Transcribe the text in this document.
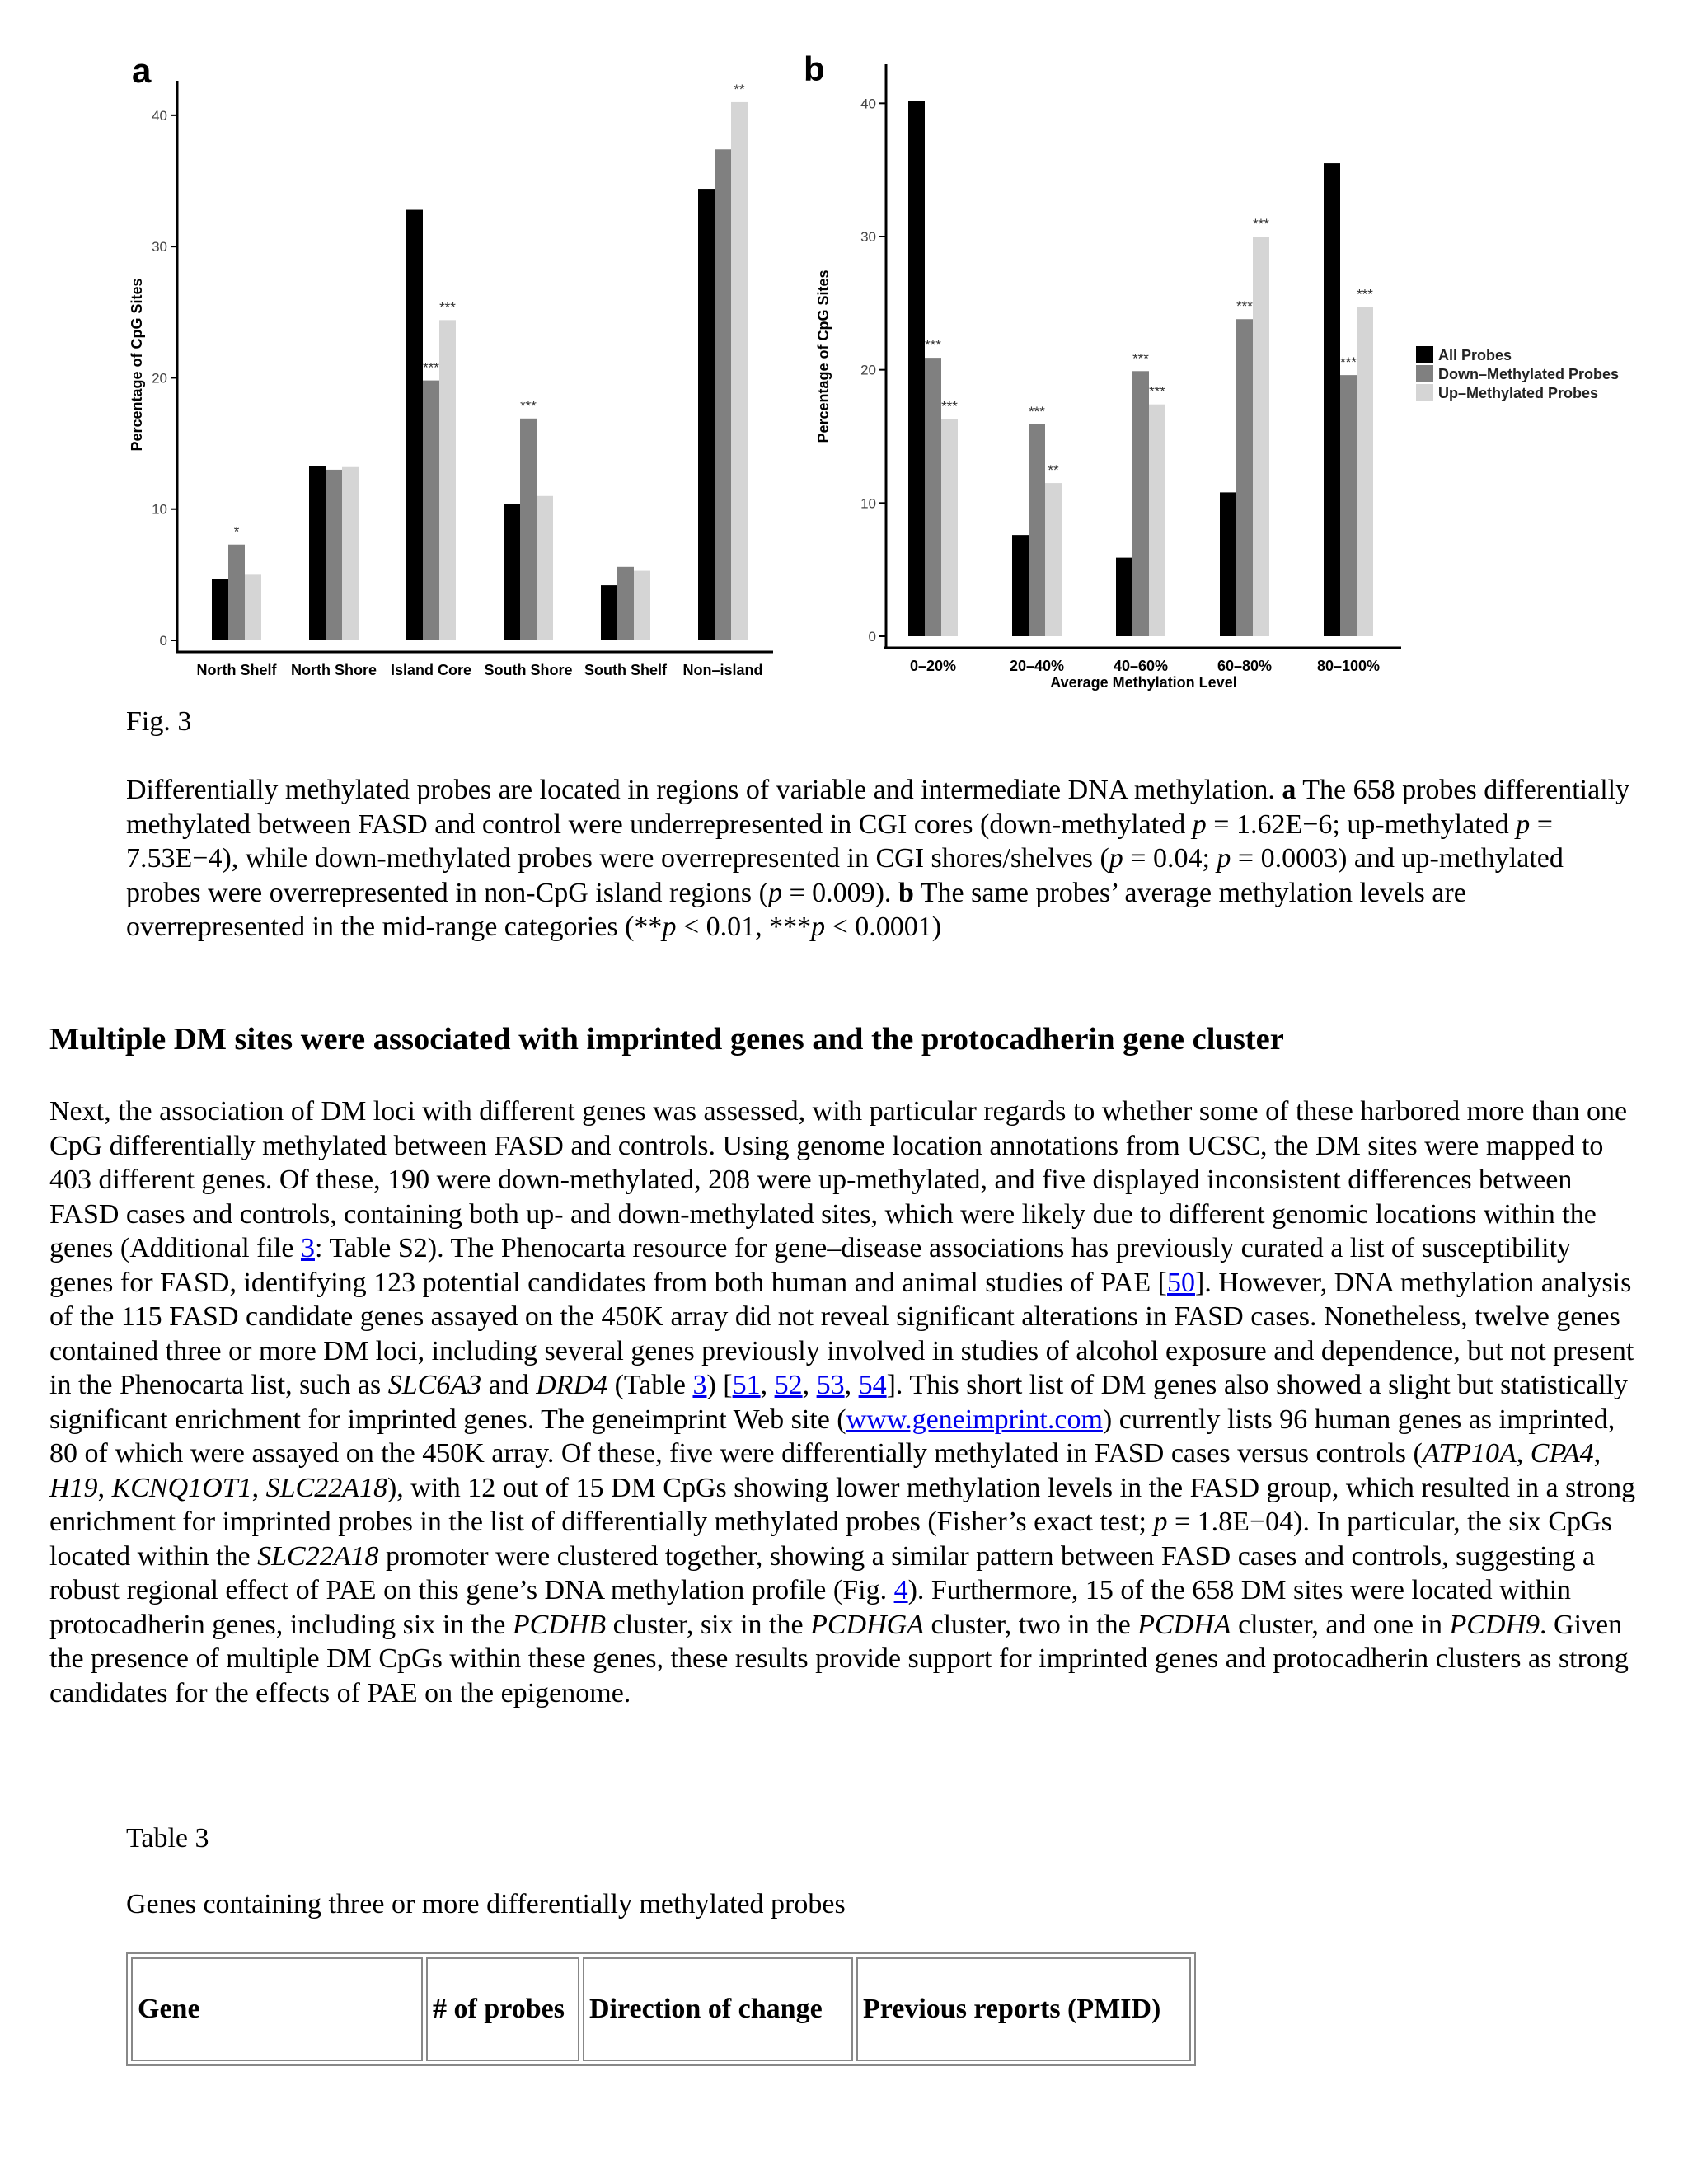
a	b
0
10
20
30
40
Percentage of CpG Sites
North Shelf North Shore Island Core South Shore South Shelf Non–island
*
***
***
***
**
0
10
20
30
40
Percentage of CpG Sites
0–20%	20–40%	40–60%	60–80%	80–100%
***
***	***
**
***
***
***
***
***
***
Average Methylation Level
All Probes
Down–Methylated Probes
Up–Methylated Probes

Fig. 3

Differentially methylated probes are located in regions of variable and intermediate DNA methylation. a The 658 probes differentially methylated between FASD and control were underrepresented in CGI cores (down-methylated p = 1.62E−6; up-methylated p = 7.53E−4), while down-methylated probes were overrepresented in CGI shores/shelves (p = 0.04; p = 0.0003) and up-methylated probes were overrepresented in non-CpG island regions (p = 0.009). b The same probes’ average methylation levels are overrepresented in the mid-range categories (**p < 0.01, ***p < 0.0001)

Multiple DM sites were associated with imprinted genes and the protocadherin gene cluster

Next, the association of DM loci with different genes was assessed, with particular regards to whether some of these harbored more than one CpG differentially methylated between FASD and controls. Using genome location annotations from UCSC, the DM sites were mapped to 403 different genes. Of these, 190 were down-methylated, 208 were up-methylated, and five displayed inconsistent differences between FASD cases and controls, containing both up- and down-methylated sites, which were likely due to different genomic locations within the genes (Additional file 3: Table S2). The Phenocarta resource for gene–disease associations has previously curated a list of susceptibility genes for FASD, identifying 123 potential candidates from both human and animal studies of PAE [50]. However, DNA methylation analysis of the 115 FASD candidate genes assayed on the 450K array did not reveal significant alterations in FASD cases. Nonetheless, twelve genes contained three or more DM loci, including several genes previously involved in studies of alcohol exposure and dependence, but not present in the Phenocarta list, such as SLC6A3 and DRD4 (Table 3) [51, 52, 53, 54]. This short list of DM genes also showed a slight but statistically significant enrichment for imprinted genes. The geneimprint Web site (www.geneimprint.com) currently lists 96 human genes as imprinted, 80 of which were assayed on the 450K array. Of these, five were differentially methylated in FASD cases versus controls (ATP10A, CPA4, H19, KCNQ1OT1, SLC22A18), with 12 out of 15 DM CpGs showing lower methylation levels in the FASD group, which resulted in a strong enrichment for imprinted probes in the list of differentially methylated probes (Fisher’s exact test; p = 1.8E−04). In particular, the six CpGs located within the SLC22A18 promoter were clustered together, showing a similar pattern between FASD cases and controls, suggesting a robust regional effect of PAE on this gene’s DNA methylation profile (Fig. 4). Furthermore, 15 of the 658 DM sites were located within protocadherin genes, including six in the PCDHB cluster, six in the PCDHGA cluster, two in the PCDHA cluster, and one in PCDH9. Given the presence of multiple DM CpGs within these genes, these results provide support for imprinted genes and protocadherin clusters as strong candidates for the effects of PAE on the epigenome.

Table 3

Genes containing three or more differentially methylated probes

Gene	# of probes	Direction of change	Previous reports (PMID)
